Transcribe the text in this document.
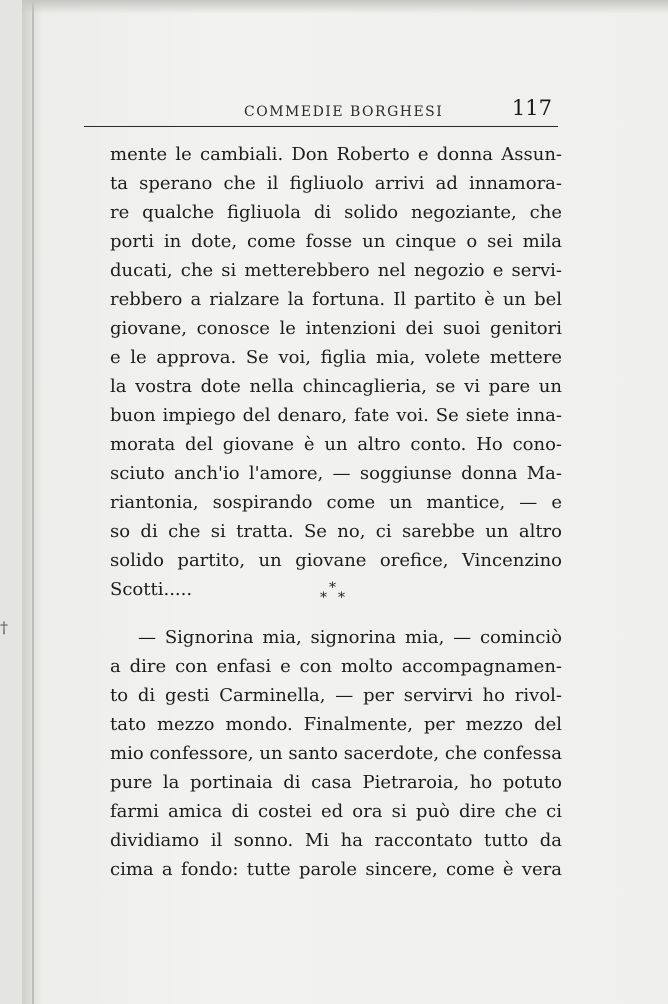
†
COMMEDIE BORGHESI	117
mente le cambiali. Don Roberto e donna Assun-
ta sperano che il figliuolo arrivi ad innamora-
re qualche figliuola di solido negoziante, che
porti in dote, come fosse un cinque o sei mila
ducati, che si metterebbero nel negozio e servi-
rebbero a rialzare la fortuna. Il partito è un bel
giovane, conosce le intenzioni dei suoi genitori
e le approva. Se voi, figlia mia, volete mettere
la vostra dote nella chincaglieria, se vi pare un
buon impiego del denaro, fate voi. Se siete inna-
morata del giovane è un altro conto. Ho cono-
sciuto anch'io l'amore, — soggiunse donna Ma-
riantonia, sospirando come un mantice, — e
so di che si tratta. Se no, ci sarebbe un altro
solido partito, un giovane orefice, Vincenzino
Scotti.....	*
* *
— Signorina mia, signorina mia, — cominciò
a dire con enfasi e con molto accompagnamen-
to di gesti Carminella, — per servirvi ho rivol-
tato mezzo mondo. Finalmente, per mezzo del
mio confessore, un santo sacerdote, che confessa
pure la portinaia di casa Pietraroia, ho potuto
farmi amica di costei ed ora si può dire che ci
dividiamo il sonno. Mi ha raccontato tutto da
cima a fondo: tutte parole sincere, come è vera
